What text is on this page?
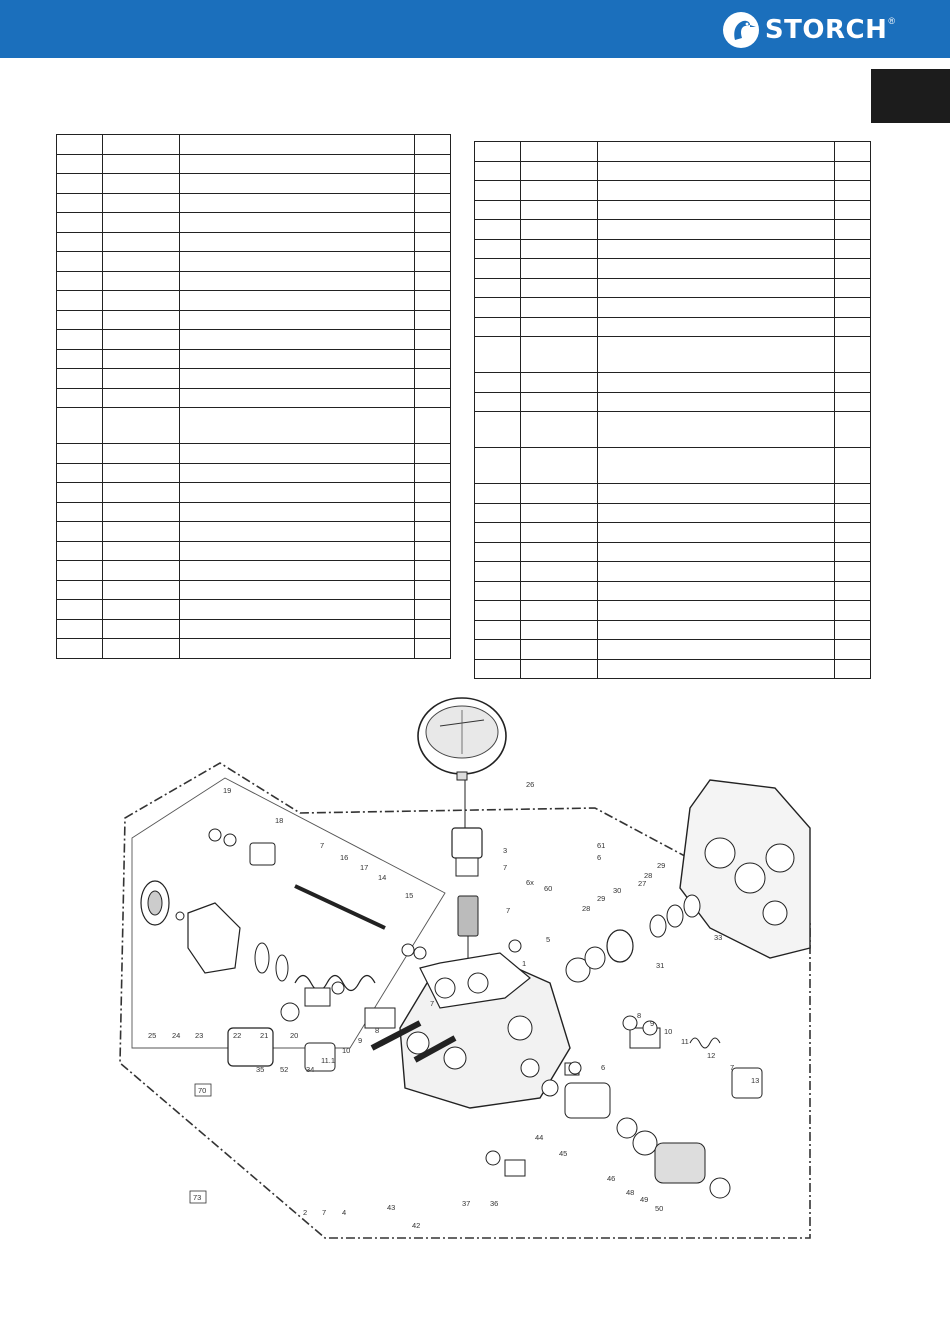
STORCH ®

19
18
7
16
17
14
15
25 24 23	22 21	20
70
26
3
7
6x
60
7
5
1
61
6
29
27
28
29
30
28
31
33
11.1
10
9
8
8
9
10
11
12
7
13
6
35 52 34
7
44
45
46
48
49
50
2 7 4
43
42
37	36
73
